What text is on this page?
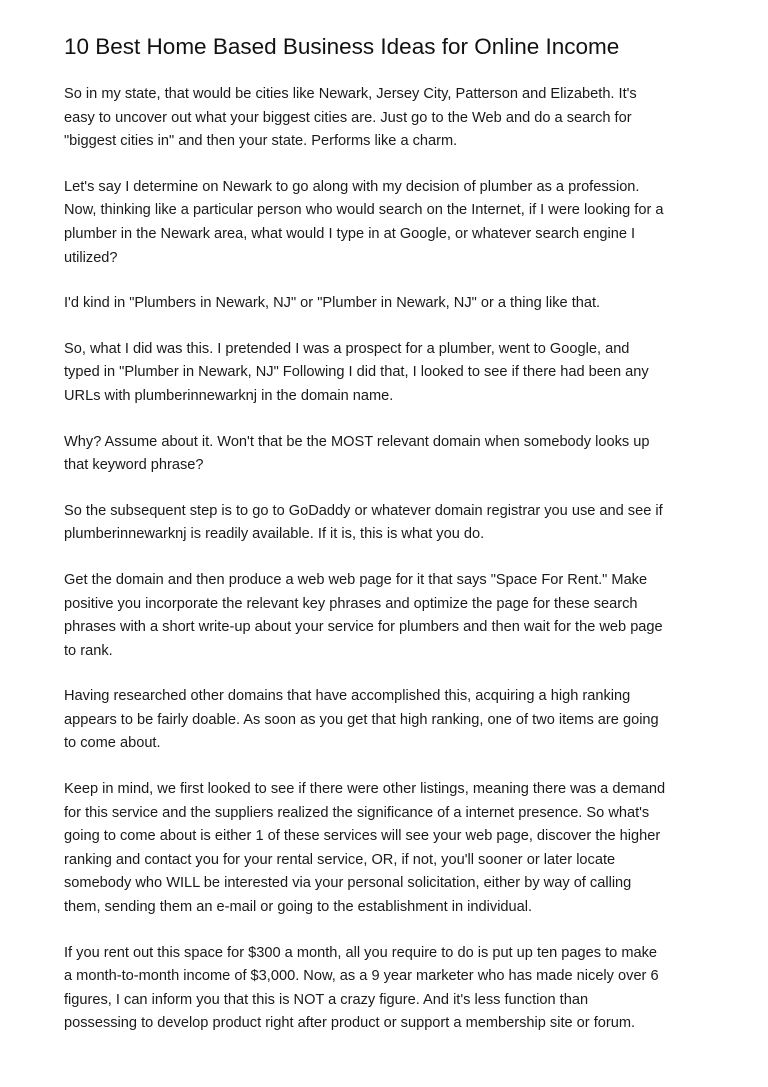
10 Best Home Based Business Ideas for Online Income

So in my state, that would be cities like Newark, Jersey City, Patterson and Elizabeth. It's
easy to uncover out what your biggest cities are. Just go to the Web and do a search for
"biggest cities in" and then your state. Performs like a charm.

Let's say I determine on Newark to go along with my decision of plumber as a profession.
Now, thinking like a particular person who would search on the Internet, if I were looking for a
plumber in the Newark area, what would I type in at Google, or whatever search engine I
utilized?

I'd kind in "Plumbers in Newark, NJ" or "Plumber in Newark, NJ" or a thing like that.

So, what I did was this. I pretended I was a prospect for a plumber, went to Google, and
typed in "Plumber in Newark, NJ" Following I did that, I looked to see if there had been any
URLs with plumberinnewarknj in the domain name.

Why? Assume about it. Won't that be the MOST relevant domain when somebody looks up
that keyword phrase?

So the subsequent step is to go to GoDaddy or whatever domain registrar you use and see if
plumberinnewarknj is readily available. If it is, this is what you do.

Get the domain and then produce a web web page for it that says "Space For Rent." Make
positive you incorporate the relevant key phrases and optimize the page for these search
phrases with a short write-up about your service for plumbers and then wait for the web page
to rank.

Having researched other domains that have accomplished this, acquiring a high ranking
appears to be fairly doable. As soon as you get that high ranking, one of two items are going
to come about.

Keep in mind, we first looked to see if there were other listings, meaning there was a demand
for this service and the suppliers realized the significance of a internet presence. So what's
going to come about is either 1 of these services will see your web page, discover the higher
ranking and contact you for your rental service, OR, if not, you'll sooner or later locate
somebody who WILL be interested via your personal solicitation, either by way of calling
them, sending them an e-mail or going to the establishment in individual.

If you rent out this space for $300 a month, all you require to do is put up ten pages to make
a month-to-month income of $3,000. Now, as a 9 year marketer who has made nicely over 6
figures, I can inform you that this is NOT a crazy figure. And it's less function than
possessing to develop product right after product or support a membership site or forum.
